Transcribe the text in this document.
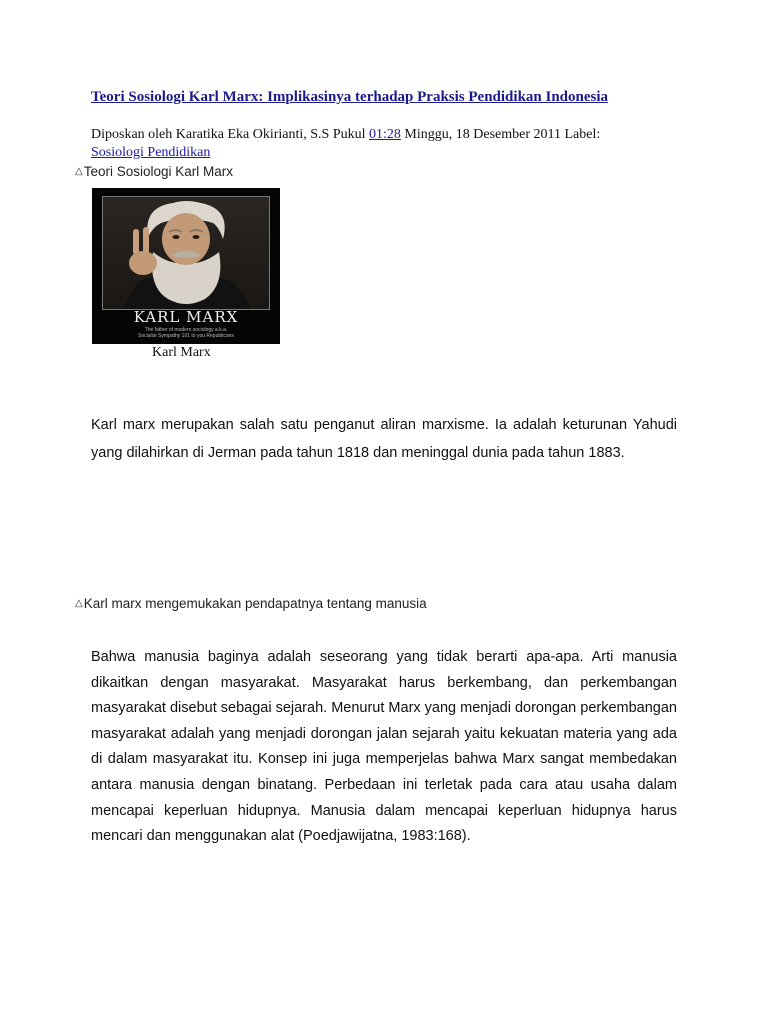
Teori Sosiologi Karl Marx: Implikasinya terhadap Praksis Pendidikan Indonesia
Diposkan oleh Karatika Eka Okirianti, S.S Pukul 01:28 Minggu, 18 Desember 2011 Label:
Sosiologi Pendidikan
△Teori Sosiologi Karl Marx
KARL MARX
The father of modern sociology a.k.a.
Socialist Sympathy 101 to you Republicans
Karl Marx

Karl marx merupakan salah satu penganut aliran marxisme. Ia adalah keturunan Yahudi yang dilahirkan di Jerman pada tahun 1818 dan meninggal dunia pada tahun 1883.

△Karl marx mengemukakan pendapatnya tentang manusia

Bahwa manusia baginya adalah seseorang yang tidak berarti apa-apa. Arti manusia dikaitkan dengan masyarakat. Masyarakat harus berkembang, dan perkembangan masyarakat disebut sebagai sejarah. Menurut Marx yang menjadi dorongan perkembangan masyarakat adalah yang menjadi dorongan jalan sejarah yaitu kekuatan materia yang ada di dalam masyarakat itu. Konsep ini juga memperjelas bahwa Marx sangat membedakan antara manusia dengan binatang. Perbedaan ini terletak pada cara atau usaha dalam mencapai keperluan hidupnya. Manusia dalam mencapai keperluan hidupnya harus mencari dan menggunakan alat (Poedjawijatna, 1983:168).
